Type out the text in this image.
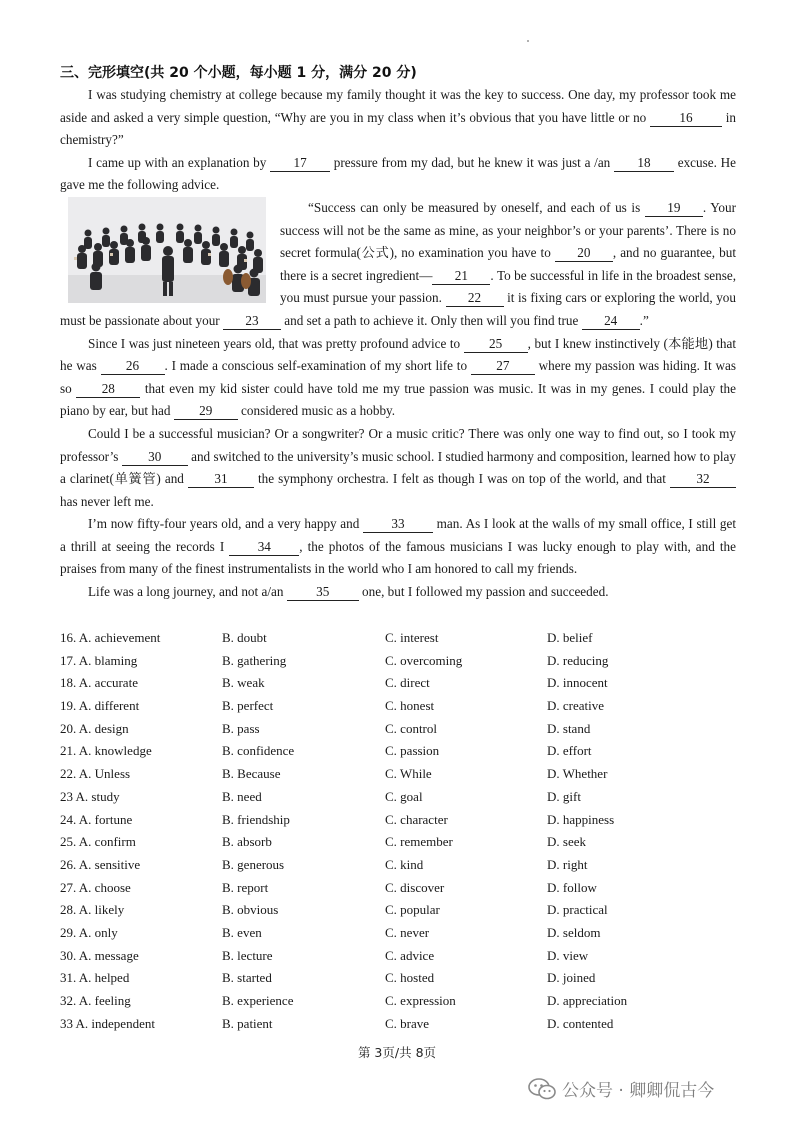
三、完形填空(共 20 个小题，每小题 1 分，满分 20 分)

I was studying chemistry at college because my family thought it was the key to success. One day, my professor took me aside and asked a very simple question, “Why are you in my class when it’s obvious that you have little or no 16 in chemistry?”

I came up with an explanation by 17 pressure from my dad, but he knew it was just a /an 18 excuse. He gave me the following advice.

“Success can only be measured by oneself, and each of us is 19 . Your success will not be the same as mine, as your neighbor’s or your parents’. There is no secret formula(公式), no examination you have to 20 , and no guarantee, but there is a secret ingredient— 21 . To be successful in life in the broadest sense, you must pursue your passion. 22 it is fixing cars or exploring the world, you must be passionate about your 23 and set a path to achieve it. Only then will you find true 24 .”

Since I was just nineteen years old, that was pretty profound advice to 25 , but I knew instinctively (本能地) that he was 26 . I made a conscious self-examination of my short life to 27 where my passion was hiding. It was so 28 that even my kid sister could have told me my true passion was music. It was in my genes. I could play the piano by ear, but had 29 considered music as a hobby.

Could I be a successful musician? Or a songwriter? Or a music critic? There was only one way to find out, so I took my professor’s 30 and switched to the university’s music school. I studied harmony and composition, learned how to play a clarinet(单簧管) and 31 the symphony orchestra. I felt as though I was on top of the world, and that 32 has never left me.

I’m now fifty-four years old, and a very happy and 33 man. As I look at the walls of my small office, I still get a thrill at seeing the records I 34 , the photos of the famous musicians I was lucky enough to play with, and the praises from many of the finest instrumentalists in the world who I am honored to call my friends.

Life was a long journey, and not a/an 35 one, but I followed my passion and succeeded.

16. A. achievement	B. doubt	C. interest	D. belief
17. A. blaming	B. gathering	C. overcoming	D. reducing
18. A. accurate	B. weak	C. direct	D. innocent
19. A. different	B. perfect	C. honest	D. creative
20. A. design	B. pass	C. control	D. stand
21. A. knowledge	B. confidence	C. passion	D. effort
22. A. Unless	B. Because	C. While	D. Whether
23 A. study	B. need	C. goal	D. gift
24. A. fortune	B. friendship	C. character	D. happiness
25. A. confirm	B. absorb	C. remember	D. seek
26. A. sensitive	B. generous	C. kind	D. right
27. A. choose	B. report	C. discover	D. follow
28. A. likely	B. obvious	C. popular	D. practical
29. A. only	B. even	C. never	D. seldom
30. A. message	B. lecture	C. advice	D. view
31. A. helped	B. started	C. hosted	D. joined
32. A. feeling	B. experience	C. expression	D. appreciation
33 A. independent	B. patient	C. brave	D. contented
第 3页/共 8页
公众号 · 卿卿侃古今
